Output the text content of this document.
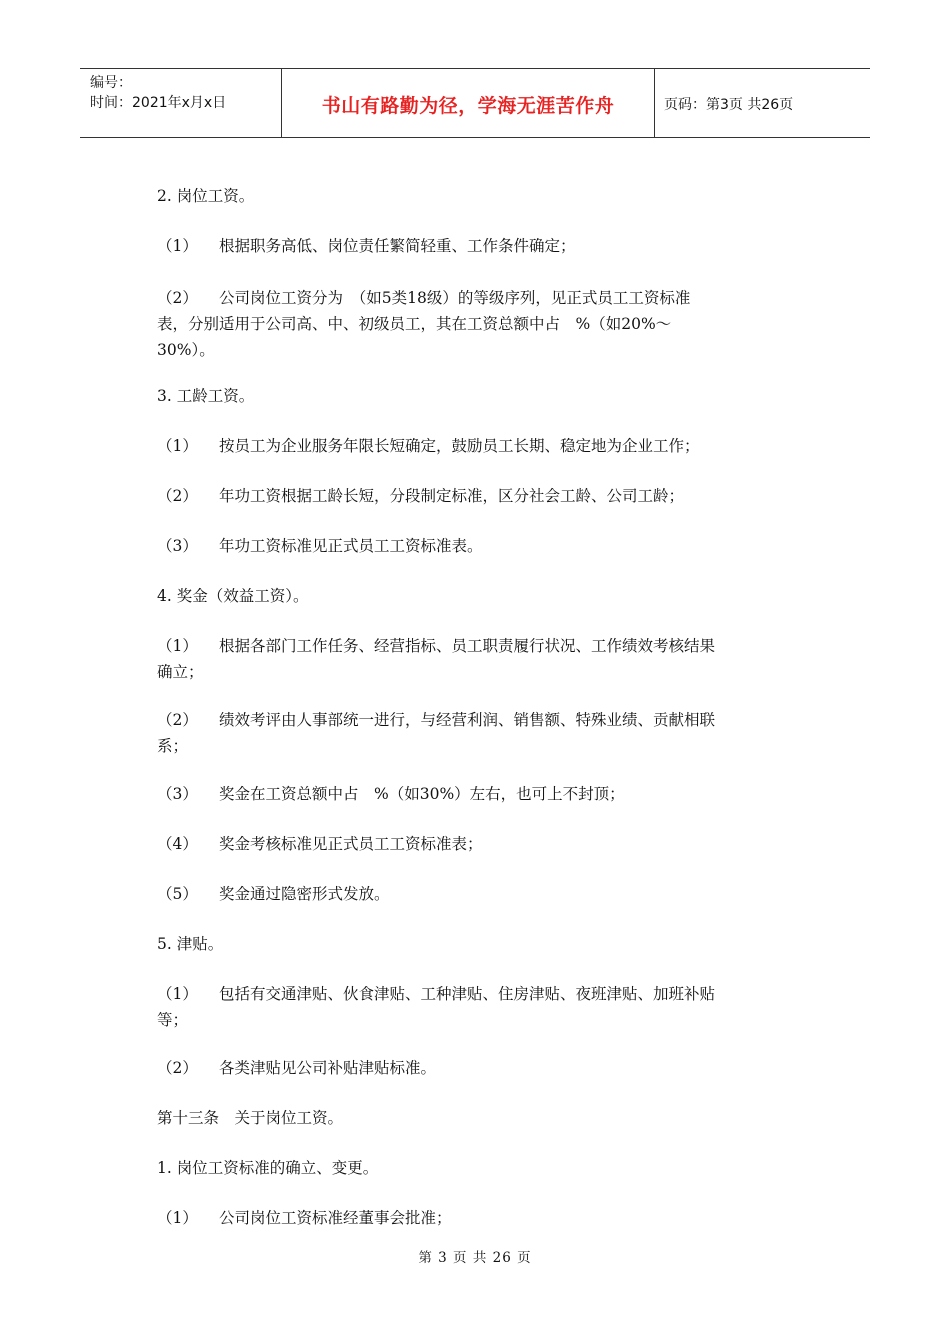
编号：
时间：2021年x月x日	书山有路勤为径，学海无涯苦作舟	页码：第3页 共26页
2. 岗位工资。
（1） 根据职务高低、岗位责任繁简轻重、工作条件确定；
（2） 公司岗位工资分为　（如5类18级）的等级序列，见正式员工工资标准
表，分别适用于公司高、中、初级员工，其在工资总额中占　%（如20%～
30%）。
3. 工龄工资。
（1） 按员工为企业服务年限长短确定，鼓励员工长期、稳定地为企业工作；
（2） 年功工资根据工龄长短，分段制定标准，区分社会工龄、公司工龄；
（3） 年功工资标准见正式员工工资标准表。
4. 奖金（效益工资）。
（1） 根据各部门工作任务、经营指标、员工职责履行状况、工作绩效考核结果
确立；
（2） 绩效考评由人事部统一进行，与经营利润、销售额、特殊业绩、贡献相联
系；
（3） 奖金在工资总额中占　%（如30%）左右，也可上不封顶；
（4） 奖金考核标准见正式员工工资标准表；
（5） 奖金通过隐密形式发放。
5. 津贴。
（1） 包括有交通津贴、伙食津贴、工种津贴、住房津贴、夜班津贴、加班补贴
等；
（2） 各类津贴见公司补贴津贴标准。
第十三条　关于岗位工资。
1. 岗位工资标准的确立、变更。
（1） 公司岗位工资标准经董事会批准；
第 3 页 共 26 页
